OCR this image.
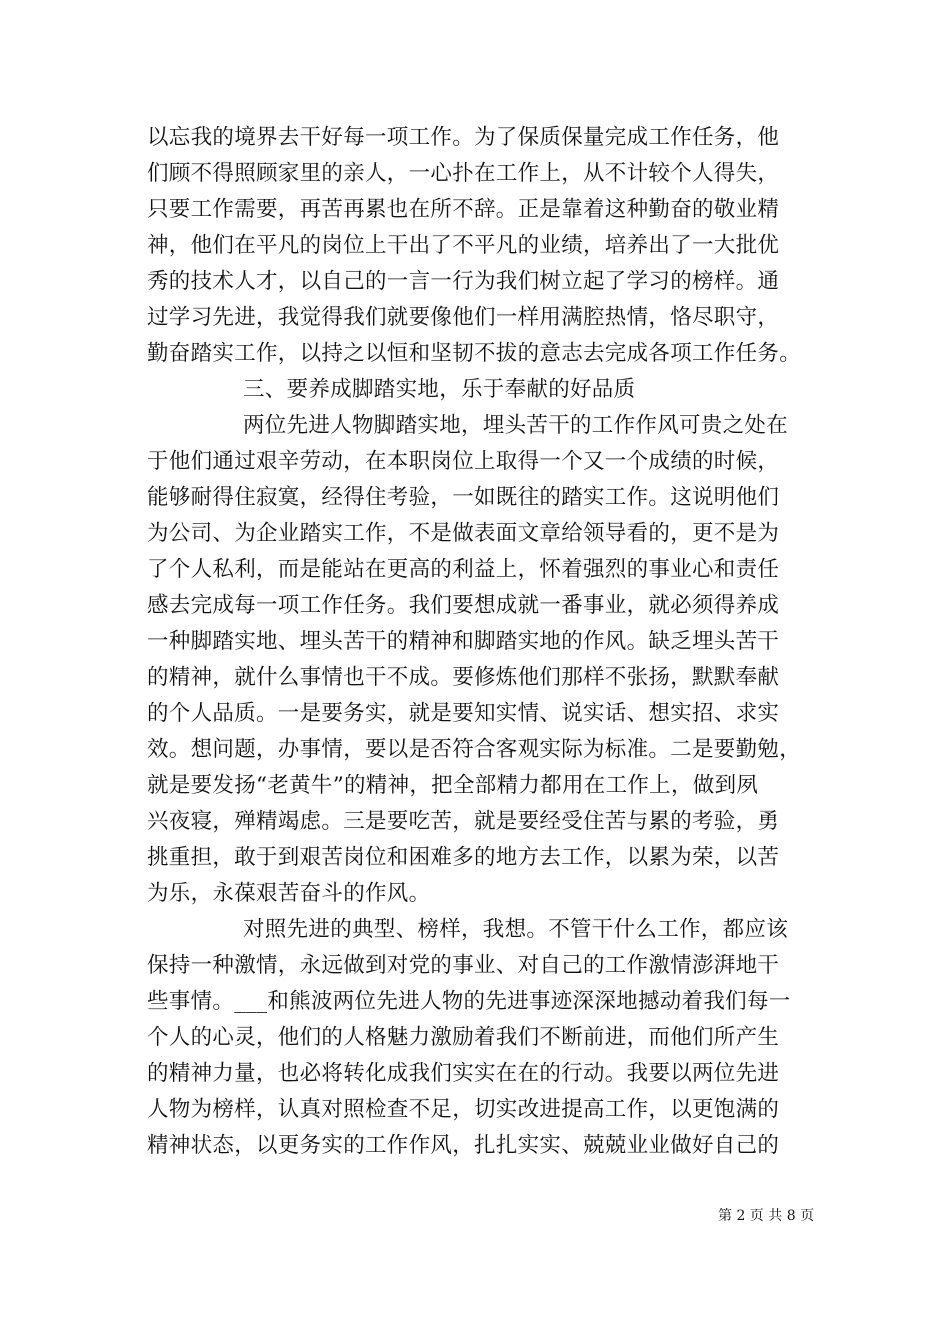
以忘我的境界去干好每一项工作。为了保质保量完成工作任务，他
们顾不得照顾家里的亲人，一心扑在工作上，从不计较个人得失，
只要工作需要，再苦再累也在所不辞。正是靠着这种勤奋的敬业精
神，他们在平凡的岗位上干出了不平凡的业绩，培养出了一大批优
秀的技术人才，以自己的一言一行为我们树立起了学习的榜样。通
过学习先进，我觉得我们就要像他们一样用满腔热情，恪尽职守，
勤奋踏实工作，以持之以恒和坚韧不拔的意志去完成各项工作任务。
三、要养成脚踏实地，乐于奉献的好品质
两位先进人物脚踏实地，埋头苦干的工作作风可贵之处在
于他们通过艰辛劳动，在本职岗位上取得一个又一个成绩的时候，
能够耐得住寂寞，经得住考验，一如既往的踏实工作。这说明他们
为公司、为企业踏实工作，不是做表面文章给领导看的，更不是为
了个人私利，而是能站在更高的利益上，怀着强烈的事业心和责任
感去完成每一项工作任务。我们要想成就一番事业，就必须得养成
一种脚踏实地、埋头苦干的精神和脚踏实地的作风。缺乏埋头苦干
的精神，就什么事情也干不成。要修炼他们那样不张扬，默默奉献
的个人品质。一是要务实，就是要知实情、说实话、想实招、求实
效。想问题，办事情，要以是否符合客观实际为标准。二是要勤勉，
就是要发扬“老黄牛”的精神，把全部精力都用在工作上，做到夙
兴夜寝，殚精竭虑。三是要吃苦，就是要经受住苦与累的考验，勇
挑重担，敢于到艰苦岗位和困难多的地方去工作，以累为荣，以苦
为乐，永葆艰苦奋斗的作风。
对照先进的典型、榜样，我想。不管干什么工作，都应该
保持一种激情，永远做到对党的事业、对自己的工作激情澎湃地干
些事情。___和熊波两位先进人物的先进事迹深深地撼动着我们每一
个人的心灵，他们的人格魅力激励着我们不断前进，而他们所产生
的精神力量，也必将转化成我们实实在在的行动。我要以两位先进
人物为榜样，认真对照检查不足，切实改进提高工作，以更饱满的
精神状态，以更务实的工作作风，扎扎实实、兢兢业业做好自己的
第 2 页 共 8 页
